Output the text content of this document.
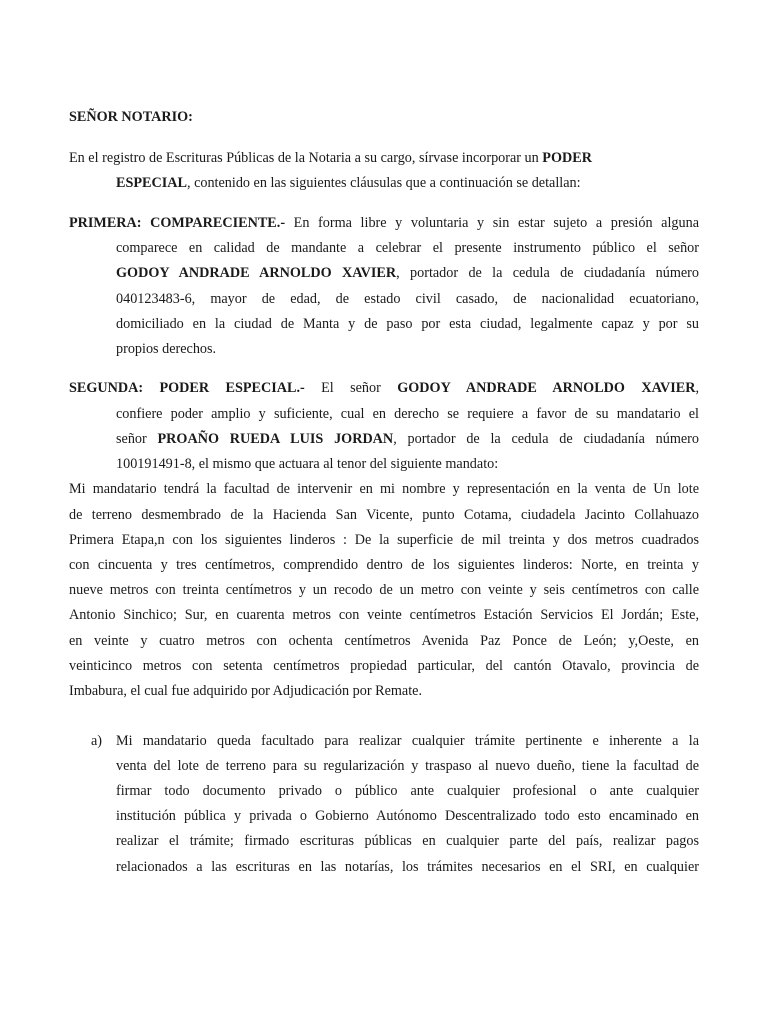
SEÑOR NOTARIO:
En el registro de Escrituras Públicas de la Notaria a su cargo, sírvase incorporar un PODER
ESPECIAL, contenido en las siguientes cláusulas que a continuación se detallan:
PRIMERA: COMPARECIENTE.- En forma libre y voluntaria y sin estar sujeto a presión alguna
comparece en calidad de mandante a celebrar el presente instrumento público el señor
GODOY ANDRADE ARNOLDO XAVIER, portador de la cedula de ciudadanía número
040123483-6, mayor de edad, de estado civil casado, de nacionalidad ecuatoriano,
domiciliado en la ciudad de Manta y de paso por esta ciudad, legalmente capaz y por su
propios derechos.
SEGUNDA: PODER ESPECIAL.- El señor GODOY ANDRADE ARNOLDO XAVIER,
confiere poder amplio y suficiente, cual en derecho se requiere a favor de su mandatario el
señor PROAÑO RUEDA LUIS JORDAN, portador de la cedula de ciudadanía número
100191491-8, el mismo que actuara al tenor del siguiente mandato:
Mi mandatario tendrá la facultad de intervenir en mi nombre y representación en la venta de Un lote
de terreno desmembrado de la Hacienda San Vicente, punto Cotama, ciudadela Jacinto Collahuazo
Primera Etapa,n con los siguientes linderos : De la superficie de mil treinta y dos metros cuadrados
con cincuenta y tres centímetros, comprendido dentro de los siguientes linderos: Norte, en treinta y
nueve metros con treinta centímetros y un recodo de un metro con veinte y seis centímetros con calle
Antonio Sinchico; Sur, en cuarenta metros con veinte centímetros Estación Servicios El Jordán; Este,
en veinte y cuatro metros con ochenta centímetros Avenida Paz Ponce de León; y,Oeste, en
veinticinco metros con setenta centímetros propiedad particular, del cantón Otavalo, provincia de
Imbabura, el cual fue adquirido por Adjudicación por Remate.
a) Mi mandatario queda facultado para realizar cualquier trámite pertinente e inherente a la
venta del lote de terreno para su regularización y traspaso al nuevo dueño, tiene la facultad de
firmar todo documento privado o público ante cualquier profesional o ante cualquier
institución pública y privada o Gobierno Autónomo Descentralizado todo esto encaminado en
realizar el trámite; firmado escrituras públicas en cualquier parte del país, realizar pagos
relacionados a las escrituras en las notarías, los trámites necesarios en el SRI, en cualquier
